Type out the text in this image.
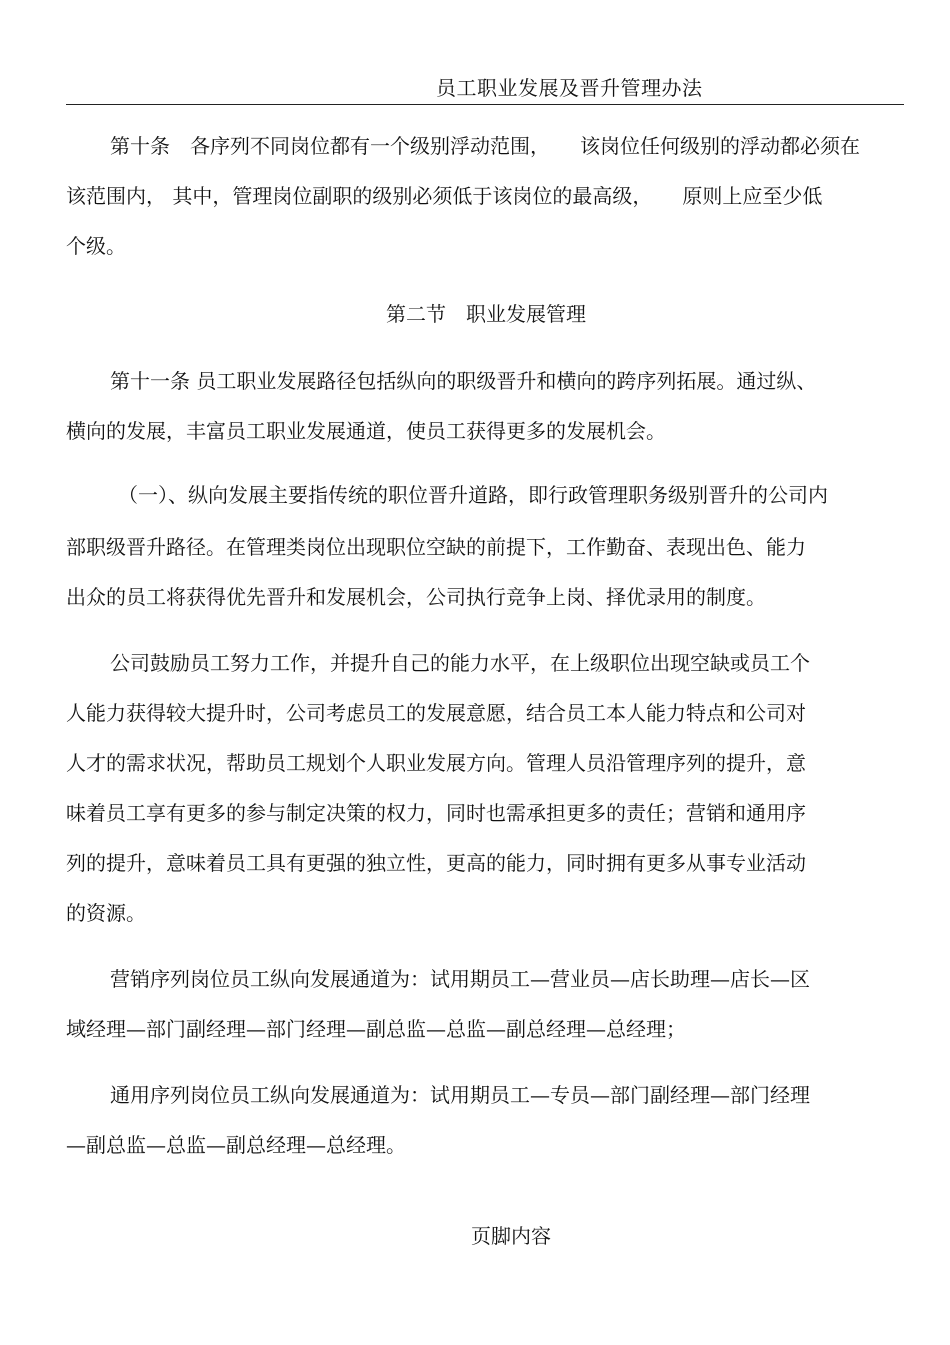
员工职业发展及晋升管理办法
第十条　各序列不同岗位都有一个级别浮动范围，　　该岗位任何级别的浮动都必须在
该范围内， 其中，管理岗位副职的级别必须低于该岗位的最高级，　　原则上应至少低
个级。
第二节　职业发展管理
第十一条 员工职业发展路径包括纵向的职级晋升和横向的跨序列拓展。通过纵、
横向的发展，丰富员工职业发展通道，使员工获得更多的发展机会。
（一）、纵向发展主要指传统的职位晋升道路，即行政管理职务级别晋升的公司内
部职级晋升路径。在管理类岗位出现职位空缺的前提下，工作勤奋、表现出色、能力
出众的员工将获得优先晋升和发展机会，公司执行竞争上岗、择优录用的制度。
公司鼓励员工努力工作，并提升自己的能力水平，在上级职位出现空缺或员工个
人能力获得较大提升时，公司考虑员工的发展意愿，结合员工本人能力特点和公司对
人才的需求状况，帮助员工规划个人职业发展方向。管理人员沿管理序列的提升，意
味着员工享有更多的参与制定决策的权力，同时也需承担更多的责任；营销和通用序
列的提升，意味着员工具有更强的独立性，更高的能力，同时拥有更多从事专业活动
的资源。
营销序列岗位员工纵向发展通道为：试用期员工—营业员—店长助理—店长—区
域经理—部门副经理—部门经理—副总监—总监—副总经理—总经理；
通用序列岗位员工纵向发展通道为：试用期员工—专员—部门副经理—部门经理
—副总监—总监—副总经理—总经理。
页脚内容
